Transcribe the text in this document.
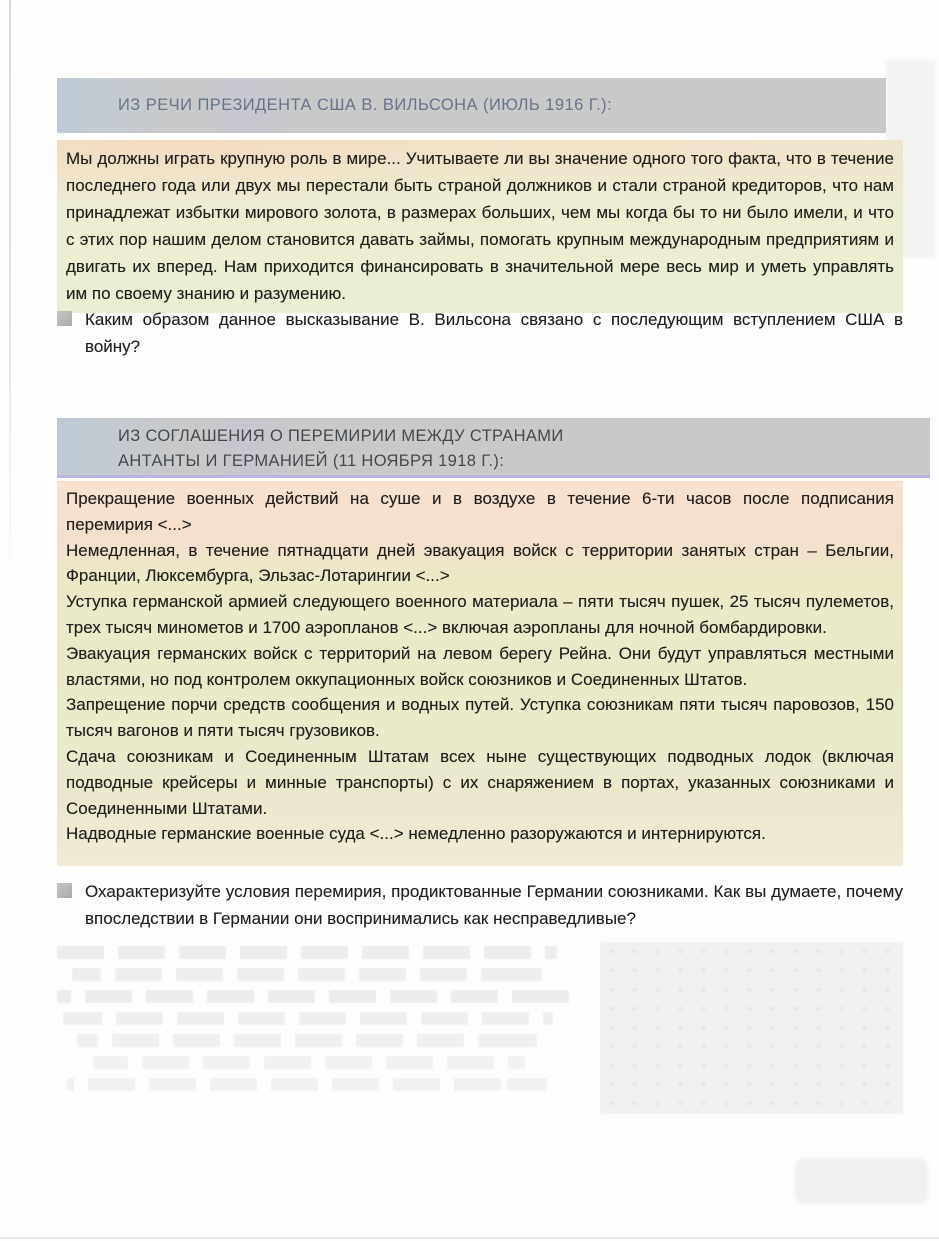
ИЗ РЕЧИ ПРЕЗИДЕНТА США В. ВИЛЬСОНА (ИЮЛЬ 1916 Г.):

Мы должны играть крупную роль в мире... Учитываете ли вы значение одного того факта, что в течение последнего года или двух мы перестали быть страной должников и стали страной кредиторов, что нам принадлежат избытки мирового золота, в размерах больших, чем мы когда бы то ни было имели, и что с этих пор нашим делом становится давать займы, помогать крупным международным предприятиям и двигать их вперед. Нам приходится финансировать в значительной мере весь мир и уметь управлять им по своему знанию и разумению.

Каким образом данное высказывание В. Вильсона связано с последующим вступлением США в войну?
ИЗ СОГЛАШЕНИЯ О ПЕРЕМИРИИ МЕЖДУ СТРАНАМИ
АНТАНТЫ И ГЕРМАНИЕЙ (11 НОЯБРЯ 1918 Г.):

Прекращение военных действий на суше и в воздухе в течение 6-ти часов после подписания перемирия <...>

Немедленная, в течение пятнадцати дней эвакуация войск с территории занятых стран – Бельгии, Франции, Люксембурга, Эльзас-Лотарингии <...>

Уступка германской армией следующего военного материала – пяти тысяч пушек, 25 тысяч пулеметов, трех тысяч минометов и 1700 аэропланов <...> включая аэропланы для ночной бомбардировки.

Эвакуация германских войск с территорий на левом берегу Рейна. Они будут управляться местными властями, но под контролем оккупационных войск союзников и Соединенных Штатов.

Запрещение порчи средств сообщения и водных путей. Уступка союзникам пяти тысяч паровозов, 150 тысяч вагонов и пяти тысяч грузовиков.

Сдача союзникам и Соединенным Штатам всех ныне существующих подводных лодок (включая подводные крейсеры и минные транспорты) с их снаряжением в портах, указанных союзниками и Соединенными Штатами.

Надводные германские военные суда <...> немедленно разоружаются и интернируются.

Охарактеризуйте условия перемирия, продиктованные Германии союзниками. Как вы думаете, почему впоследствии в Германии они воспринимались как несправедливые?
